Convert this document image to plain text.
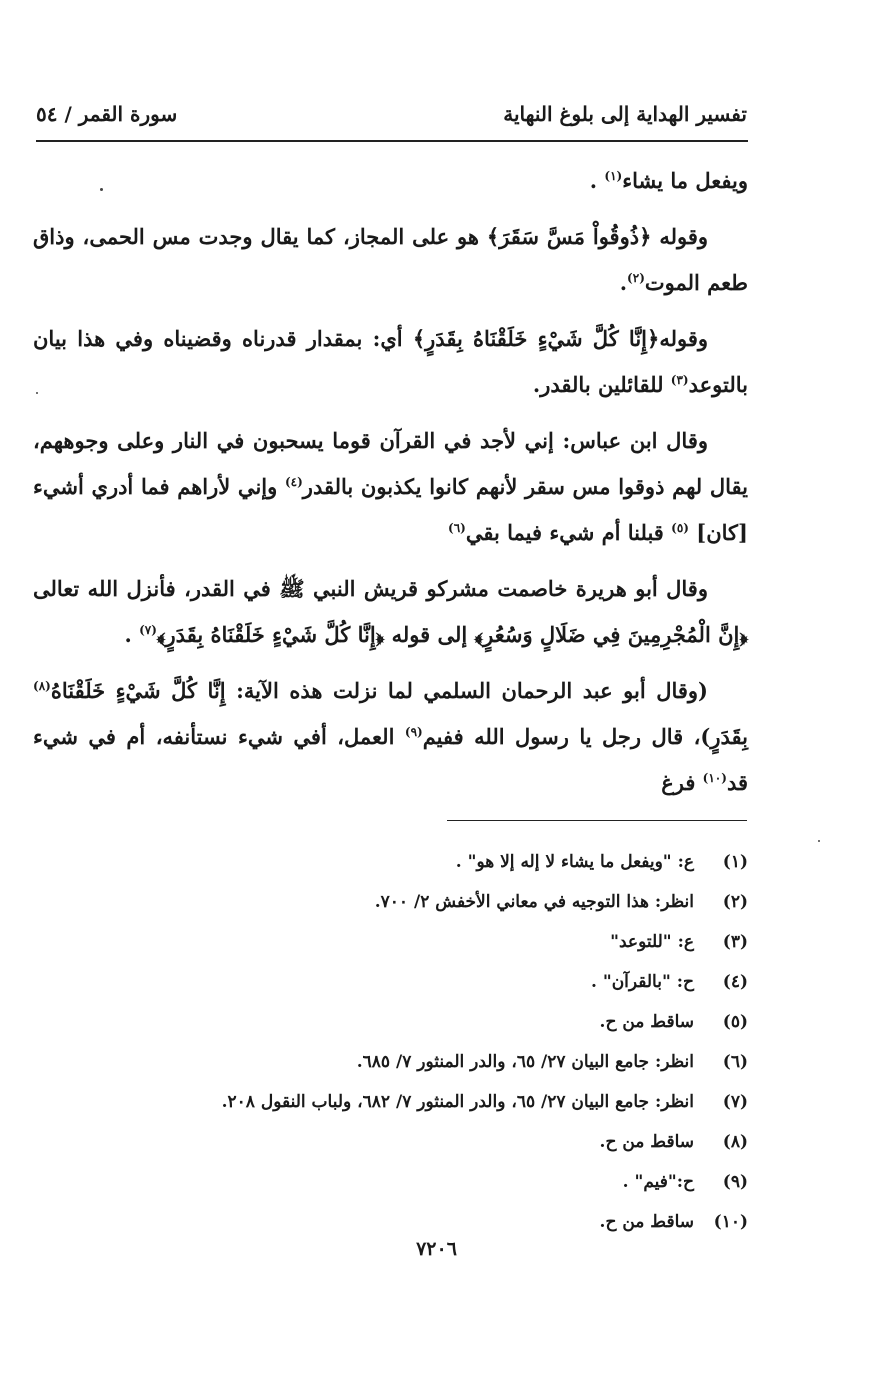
تفسير الهداية إلى بلوغ النهاية
سورة القمر / ٥٤

ويفعل ما يشاء$^{(١)}$ .

وقوله ﴿ذُوقُواْ مَسَّ سَقَرَ﴾ هو على المجاز، كما يقال وجدت مس الحمى، وذاق طعم الموت$^{(٢)}$.

وقوله﴿إِنَّا كُلَّ شَيْءٍ خَلَقْنَاهُ بِقَدَرٍ﴾ أي: بمقدار قدرناه وقضيناه وفي هذا بيان بالتوعد$^{(٣)}$ للقائلين بالقدر.

وقال ابن عباس: إني لأجد في القرآن قوما يسحبون في النار وعلى وجوههم، يقال لهم ذوقوا مس سقر لأنهم كانوا يكذبون بالقدر$^{(٤)}$ وإني لأراهم فما أدري أشيء [كان] $^{(٥)}$ قبلنا أم شيء فيما بقي$^{(٦)}$

وقال أبو هريرة خاصمت مشركو قريش النبي ﷺ في القدر، فأنزل الله تعالى ﴿إِنَّ الْمُجْرِمِينَ فِي ضَلَالٍ وَسُعُرٍ﴾ إلى قوله ﴿إِنَّا كُلَّ شَيْءٍ خَلَقْنَاهُ بِقَدَرٍ﴾$^{(٧)}$ .

(وقال أبو عبد الرحمان السلمي لما نزلت هذه الآية: إِنَّا كُلَّ شَيْءٍ خَلَقْنَاهُ$^{(٨)}$ بِقَدَرٍ)، قال رجل يا رسول الله ففيم$^{(٩)}$ العمل، أفي شيء نستأنفه، أم في شيء قد$^{(١٠)}$ فرغ

(١)
ع: "ويفعل ما يشاء لا إله إلا هو" .
(٢)
انظر: هذا التوجيه في معاني الأخفش ٢/ ٧٠٠.
(٣)
ع: "للتوعد"
(٤)
ح: "بالقرآن" .
(٥)
ساقط من ح.
(٦)
انظر: جامع البيان ٢٧/ ٦٥، والدر المنثور ٧/ ٦٨٥.
(٧)
انظر: جامع البيان ٢٧/ ٦٥، والدر المنثور ٧/ ٦٨٢، ولباب النقول ٢٠٨.
(٨)
ساقط من ح.
(٩)
ح:"فيم" .
(١٠)
ساقط من ح.
٧٢٠٦
